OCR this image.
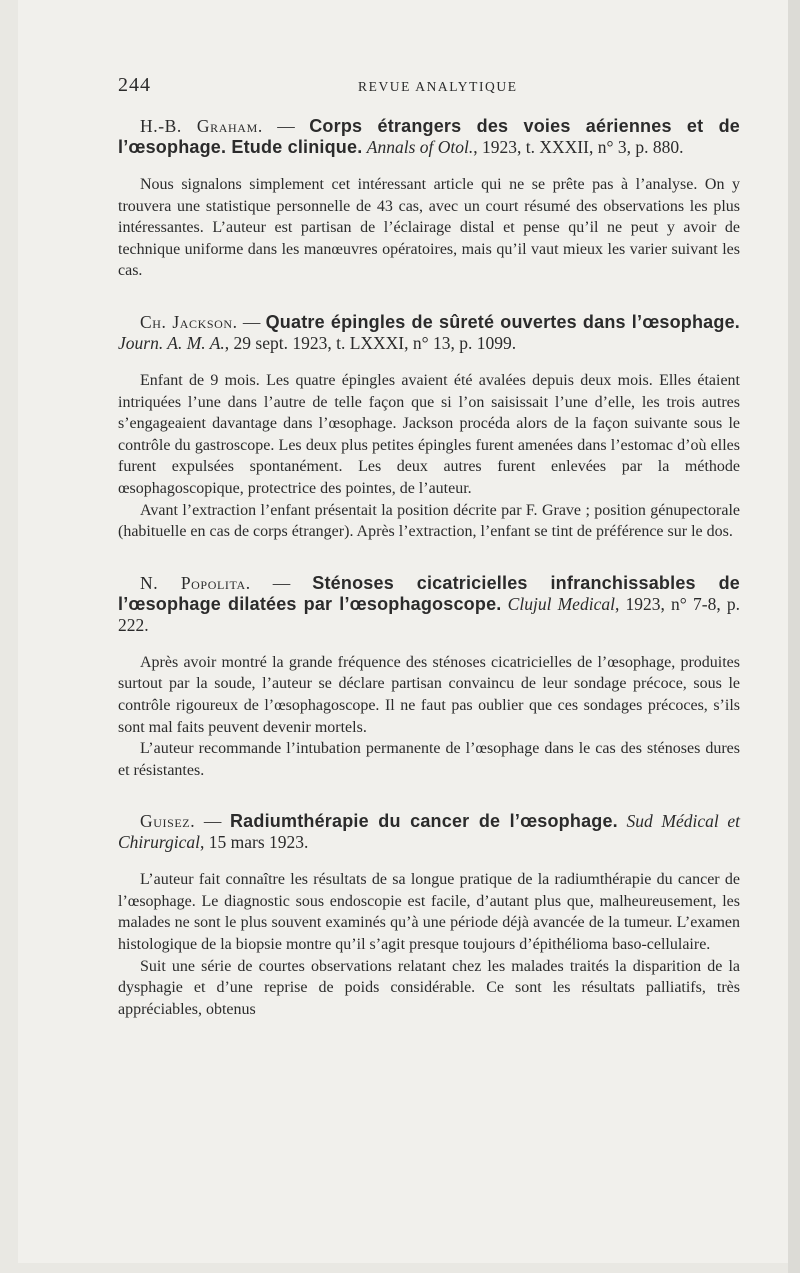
244	REVUE ANALYTIQUE
H.-B. Graham. — Corps étrangers des voies aériennes et de l’œsophage. Etude clinique. Annals of Otol., 1923, t. XXXII, n° 3, p. 880.

Nous signalons simplement cet intéressant article qui ne se prête pas à l’analyse. On y trouvera une statistique personnelle de 43 cas, avec un court résumé des observations les plus intéressantes. L’auteur est partisan de l’éclairage distal et pense qu’il ne peut y avoir de technique uniforme dans les manœuvres opératoires, mais qu’il vaut mieux les varier suivant les cas.

Ch. Jackson. — Quatre épingles de sûreté ouvertes dans l’œsophage. Journ. A. M. A., 29 sept. 1923, t. LXXXI, n° 13, p. 1099.

Enfant de 9 mois. Les quatre épingles avaient été avalées depuis deux mois. Elles étaient intriquées l’une dans l’autre de telle façon que si l’on saisissait l’une d’elle, les trois autres s’engageaient davantage dans l’œsophage. Jackson procéda alors de la façon suivante sous le contrôle du gastroscope. Les deux plus petites épingles furent amenées dans l’estomac d’où elles furent expulsées spontanément. Les deux autres furent enlevées par la méthode œsophagoscopique, protectrice des pointes, de l’auteur.

Avant l’extraction l’enfant présentait la position décrite par F. Grave ; position génupectorale (habituelle en cas de corps étranger). Après l’extraction, l’enfant se tint de préférence sur le dos.

N. Popolita. — Sténoses cicatricielles infranchissables de l’œsophage dilatées par l’œsophagoscope. Clujul Medical, 1923, n° 7-8, p. 222.

Après avoir montré la grande fréquence des sténoses cicatricielles de l’œsophage, produites surtout par la soude, l’auteur se déclare partisan convaincu de leur sondage précoce, sous le contrôle rigoureux de l’œsophagoscope. Il ne faut pas oublier que ces sondages précoces, s’ils sont mal faits peuvent devenir mortels.

L’auteur recommande l’intubation permanente de l’œsophage dans le cas des sténoses dures et résistantes.

Guisez. — Radiumthérapie du cancer de l’œsophage. Sud Médical et Chirurgical, 15 mars 1923.

L’auteur fait connaître les résultats de sa longue pratique de la radiumthérapie du cancer de l’œsophage. Le diagnostic sous endoscopie est facile, d’autant plus que, malheureusement, les malades ne sont le plus souvent examinés qu’à une période déjà avancée de la tumeur. L’examen histologique de la biopsie montre qu’il s’agit presque toujours d’épithélioma baso-cellulaire.

Suit une série de courtes observations relatant chez les malades traités la disparition de la dysphagie et d’une reprise de poids considérable. Ce sont les résultats palliatifs, très appréciables, obtenus
